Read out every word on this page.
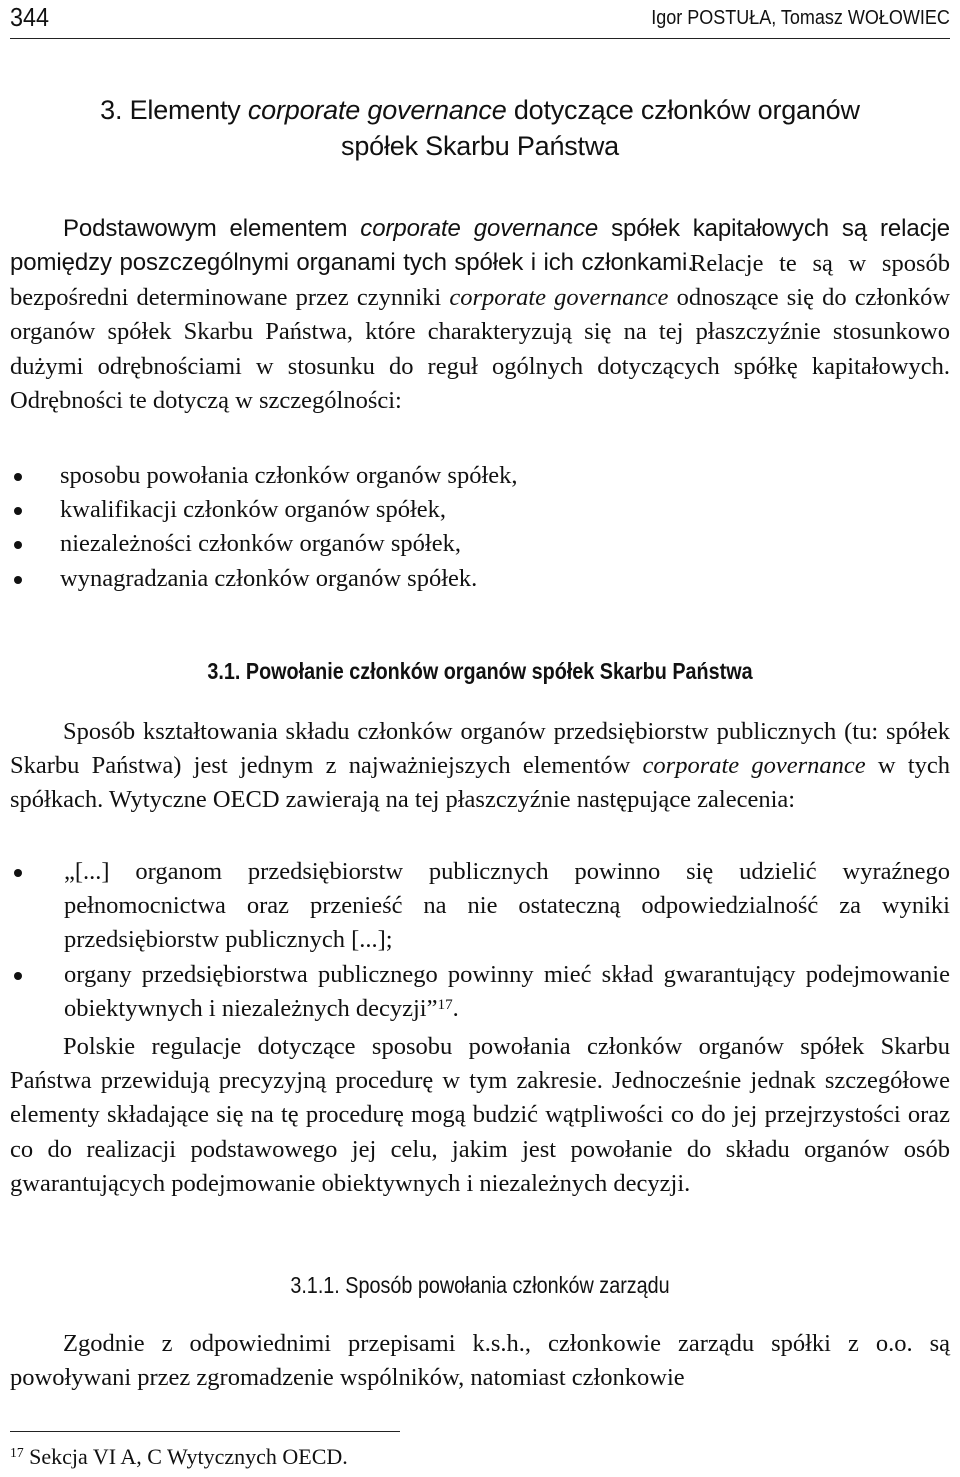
344	Igor POSTUŁA, Tomasz WOŁOWIEC
3. Elementy corporate governance dotyczące członków organów
spółek Skarbu Państwa

Podstawowym elementem corporate governance spółek kapitałowych są relacje pomiędzy poszczególnymi organami tych spółek i ich członkami.

Relacje te są w sposób bezpośredni determinowane przez czynniki corporate governance odnoszące się do członków organów spółek Skarbu Państwa, które charakteryzują się na tej płaszczyźnie stosunkowo dużymi odrębnościami w stosunku do reguł ogólnych dotyczących spółkę kapitałowych. Odrębności te dotyczą w szczególności:

sposobu powołania członków organów spółek,
kwalifikacji członków organów spółek,
niezależności członków organów spółek,
wynagradzania członków organów spółek.
3.1. Powołanie członków organów spółek Skarbu Państwa

Sposób kształtowania składu członków organów przedsiębiorstw publicznych (tu: spółek Skarbu Państwa) jest jednym z najważniejszych elementów corporate governance w tych spółkach. Wytyczne OECD zawierają na tej płaszczyźnie następujące zalecenia:

„[...] organom przedsiębiorstw publicznych powinno się udzielić wyraźnego pełnomocnictwa oraz przenieść na nie ostateczną odpowiedzialność za wyniki przedsiębiorstw publicznych [...];
organy przedsiębiorstwa publicznego powinny mieć skład gwarantujący podejmowanie obiektywnych i niezależnych decyzji”$^{17}$.

Polskie regulacje dotyczące sposobu powołania członków organów spółek Skarbu Państwa przewidują precyzyjną procedurę w tym zakresie. Jednocześnie jednak szczegółowe elementy składające się na tę procedurę mogą budzić wątpliwości co do jej przejrzystości oraz co do realizacji podstawowego jej celu, jakim jest powołanie do składu organów osób gwarantujących podejmowanie obiektywnych i niezależnych decyzji.

3.1.1. Sposób powołania członków zarządu

Zgodnie z odpowiednimi przepisami k.s.h., członkowie zarządu spółki z o.o. są powoływani przez zgromadzenie wspólników, natomiast członkowie

$^{17}$ Sekcja VI A, C Wytycznych OECD.
